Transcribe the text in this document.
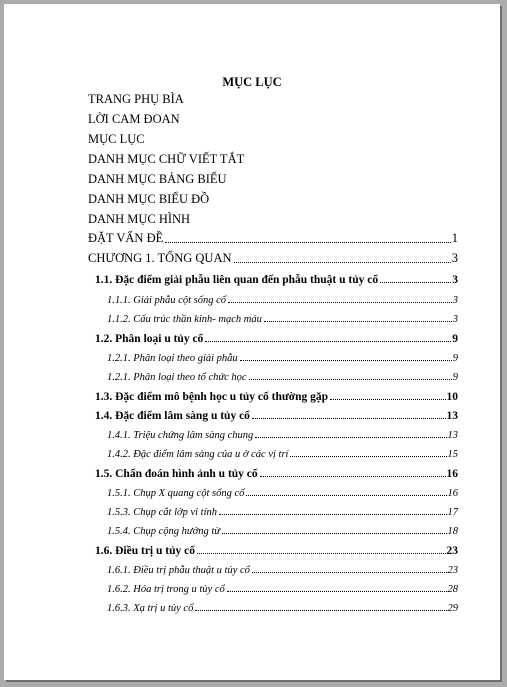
MỤC LỤC
TRANG PHỤ BÌA
LỜI CAM ĐOAN
MỤC LỤC
DANH MỤC CHỮ VIẾT TẮT
DANH MỤC BẢNG BIỂU
DANH MỤC BIỂU ĐỒ
DANH MỤC HÌNH
ĐẶT VẤN ĐỀ	1
CHƯƠNG 1. TỔNG QUAN	3
1.1. Đặc điểm giải phẫu liên quan đến phẫu thuật u tủy cổ	3
1.1.1. Giải phẫu cột sống cổ	3
1.1.2. Cấu trúc thần kinh- mạch máu	3
1.2. Phân loại u tủy cổ	9
1.2.1. Phân loại theo giải phẫu	9
1.2.1. Phân loại theo tổ chức học	9
1.3. Đặc điểm mô bệnh học u tủy cổ thường gặp	10
1.4. Đặc điểm lâm sàng u tủy cổ	13
1.4.1. Triệu chứng lâm sàng chung	13
1.4.2. Đặc điểm lâm sàng của u ở các vị trí	15
1.5. Chẩn đoán hình ảnh u tủy cổ	16
1.5.1. Chụp X quang cột sống cổ	16
1.5.3. Chụp cắt lớp vi tính	17
1.5.4. Chụp cộng hưởng từ	18
1.6. Điều trị u tủy cổ	23
1.6.1. Điều trị phẫu thuật u tủy cổ	23
1.6.2. Hóa trị trong u tủy cổ	28
1.6.3. Xạ trị u tủy cổ	29
